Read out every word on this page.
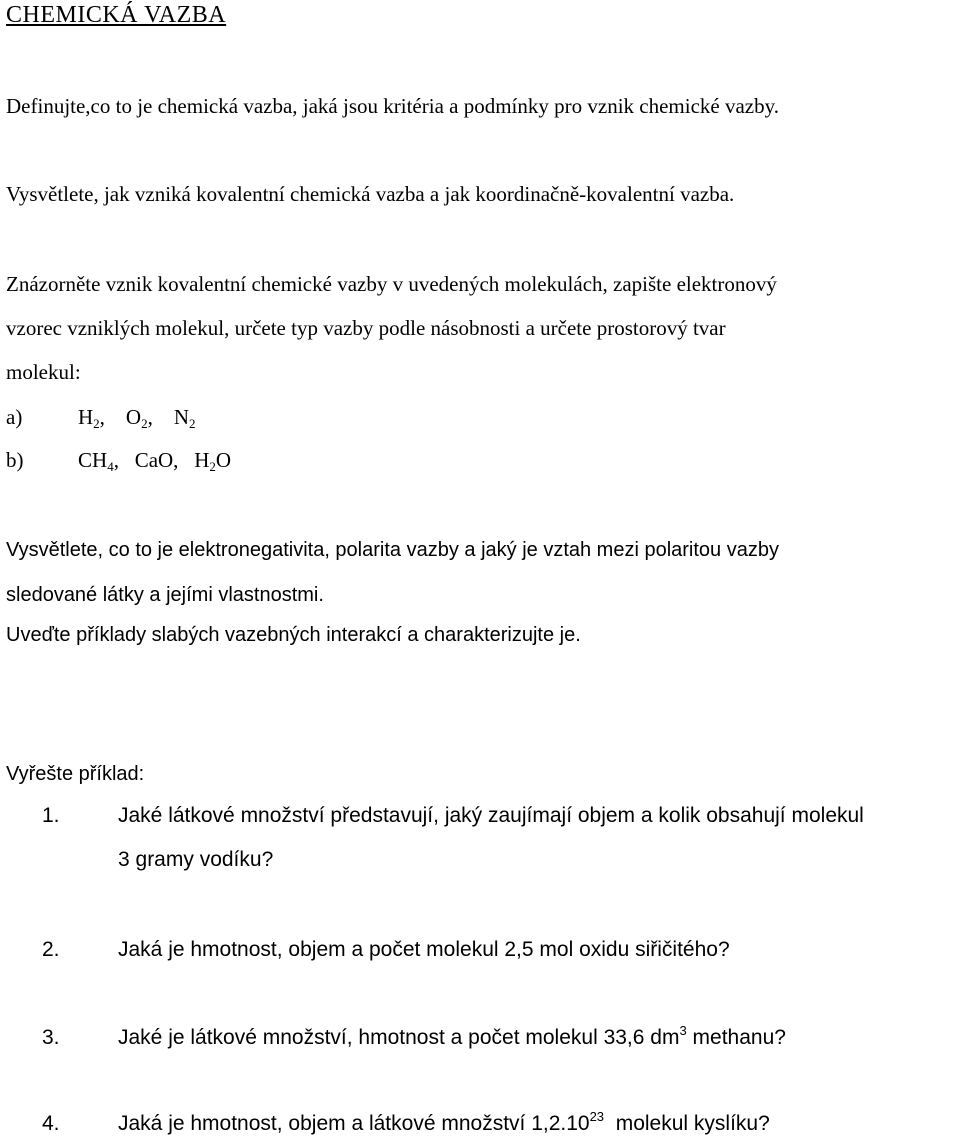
CHEMICKÁ VAZBA
Definujte,co to je chemická vazba, jaká jsou kritéria a podmínky pro vznik chemické vazby.
Vysvětlete, jak vzniká kovalentní chemická vazba a jak koordinačně-kovalentní vazba.
Znázorněte vznik kovalentní chemické vazby v uvedených molekulách, zapište elektronový
vzorec vzniklých molekul, určete typ vazby podle násobnosti a určete prostorový tvar
molekul:
a)	$H_2$, $O_2$, $N_2$
b)	$CH_4$, CaO, $H_2O$
Vysvětlete, co to je elektronegativita, polarita vazby a jaký je vztah mezi polaritou vazby
sledované látky a jejími vlastnostmi.
Uveďte příklady slabých vazebných interakcí a charakterizujte je.
Vyřešte příklad:
1.	Jaké látkové množství představují, jaký zaujímají objem a kolik obsahují molekul
3 gramy vodíku?
2.	Jaká je hmotnost, objem a počet molekul 2,5 mol oxidu siřičitého?
3.	Jaké je látkové množství, hmotnost a počet molekul 33,6 $dm^3$ methanu?
4.	Jaká je hmotnost, objem a látkové množství 1,2.10$^{23}$  molekul kyslíku?
